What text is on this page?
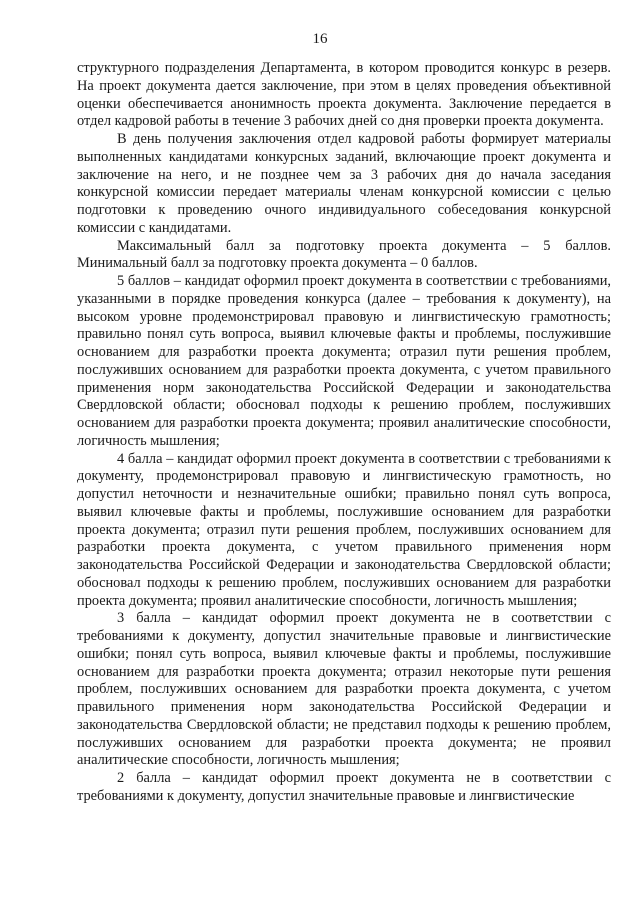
16

структурного подразделения Департамента, в котором проводится конкурс в резерв. На проект документа дается заключение, при этом в целях проведения объективной оценки обеспечивается анонимность проекта документа. Заключение передается в отдел кадровой работы в течение 3 рабочих дней со дня проверки проекта документа.

В день получения заключения отдел кадровой работы формирует материалы выполненных кандидатами конкурсных заданий, включающие проект документа и заключение на него, и не позднее чем за 3 рабочих дня до начала заседания конкурсной комиссии передает материалы членам конкурсной комиссии с целью подготовки к проведению очного индивидуального собеседования конкурсной комиссии с кандидатами.

Максимальный балл за подготовку проекта документа – 5 баллов. Минимальный балл за подготовку проекта документа – 0 баллов.

5 баллов – кандидат оформил проект документа в соответствии с требованиями, указанными в порядке проведения конкурса (далее – требования к документу), на высоком уровне продемонстрировал правовую и лингвистическую грамотность; правильно понял суть вопроса, выявил ключевые факты и проблемы, послужившие основанием для разработки проекта документа; отразил пути решения проблем, послуживших основанием для разработки проекта документа, с учетом правильного применения норм законодательства Российской Федерации и законодательства Свердловской области; обосновал подходы к решению проблем, послуживших основанием для разработки проекта документа; проявил аналитические способности, логичность мышления;

4 балла – кандидат оформил проект документа в соответствии с требованиями к документу, продемонстрировал правовую и лингвистическую грамотность, но допустил неточности и незначительные ошибки; правильно понял суть вопроса, выявил ключевые факты и проблемы, послужившие основанием для разработки проекта документа; отразил пути решения проблем, послуживших основанием для разработки проекта документа, с учетом правильного применения норм законодательства Российской Федерации и законодательства Свердловской области; обосновал подходы к решению проблем, послуживших основанием для разработки проекта документа; проявил аналитические способности, логичность мышления;

3 балла – кандидат оформил проект документа не в соответствии с требованиями к документу, допустил значительные правовые и лингвистические ошибки; понял суть вопроса, выявил ключевые факты и проблемы, послужившие основанием для разработки проекта документа; отразил некоторые пути решения проблем, послуживших основанием для разработки проекта документа, с учетом правильного применения норм законодательства Российской Федерации и законодательства Свердловской области; не представил подходы к решению проблем, послуживших основанием для разработки проекта документа; не проявил аналитические способности, логичность мышления;

2 балла – кандидат оформил проект документа не в соответствии с требованиями к документу, допустил значительные правовые и лингвистические
